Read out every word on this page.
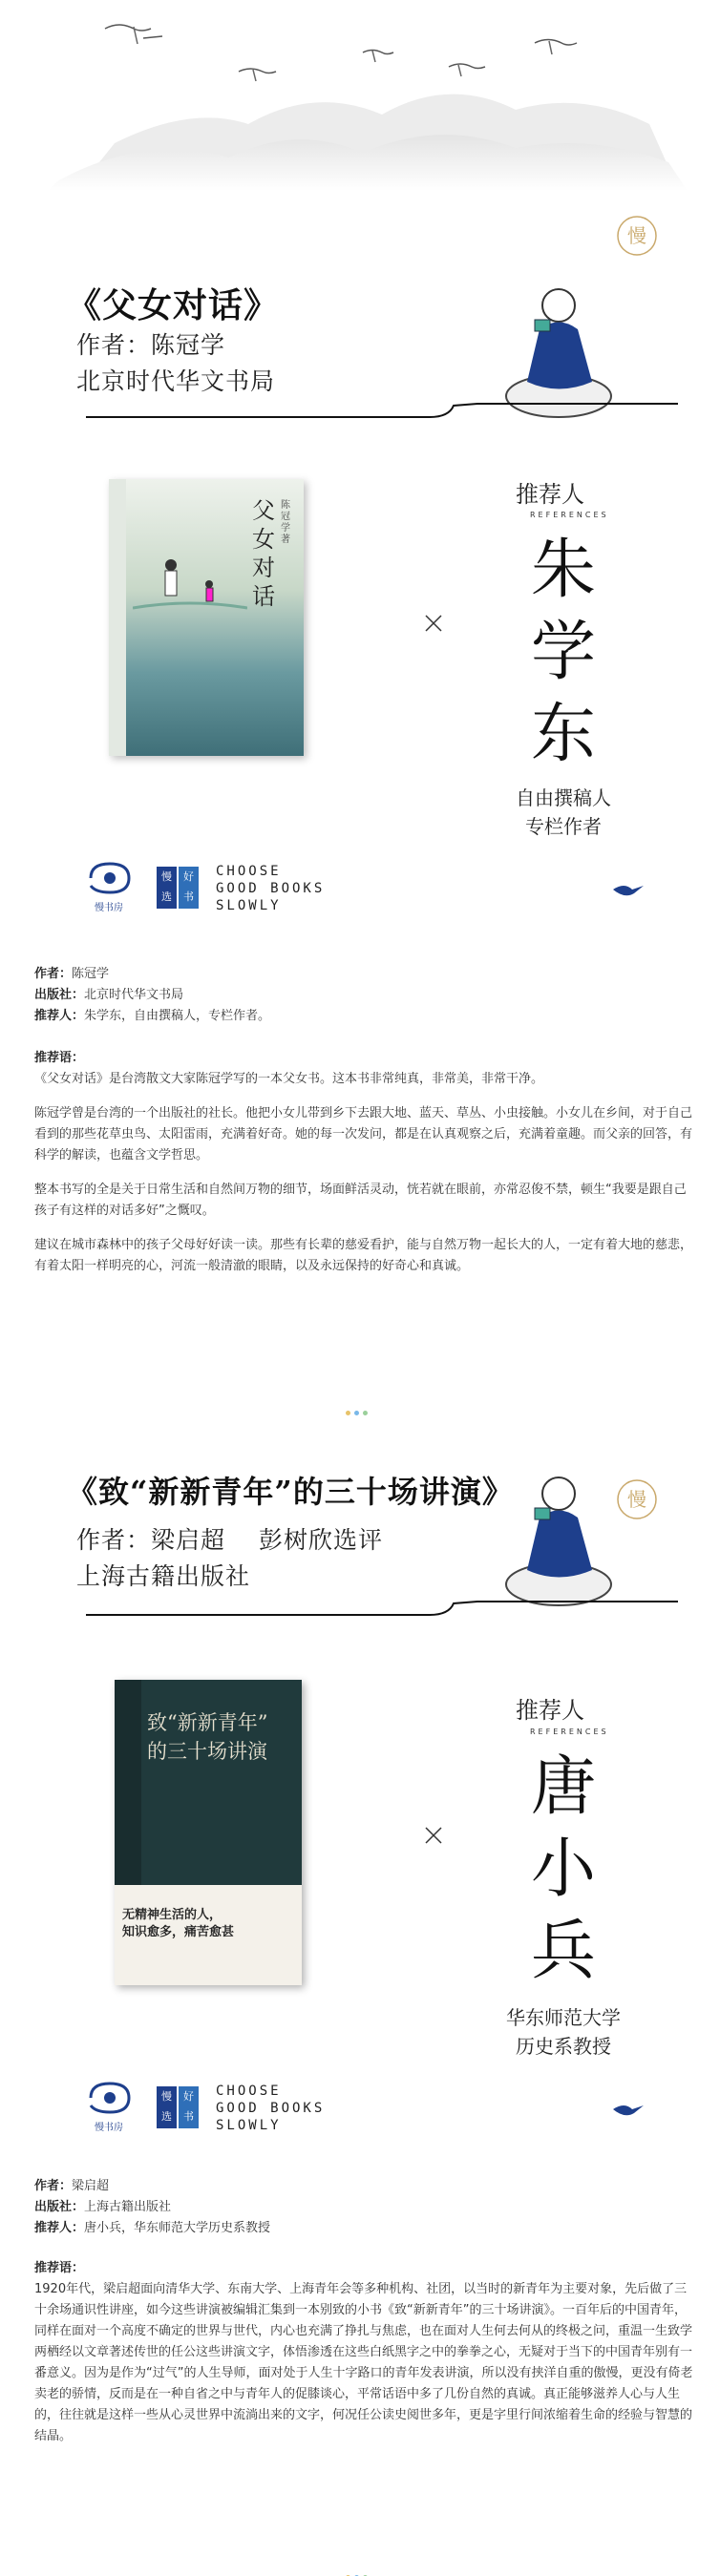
《父女对话》
作者：陈冠学
北京时代华文书局
慢
父女对话
陈冠学 著
推荐人
REFERENCES
朱
学
东
自由撰稿人
专栏作者
慢书房
慢选
好书
CHOOSE
GOOD BOOKS
SLOWLY

作者：陈冠学

出版社：北京时代华文书局

推荐人：朱学东，自由撰稿人，专栏作者。

推荐语：

《父女对话》是台湾散文大家陈冠学写的一本父女书。这本书非常纯真，非常美，非常干净。

陈冠学曾是台湾的一个出版社的社长。他把小女儿带到乡下去跟大地、蓝天、草丛、小虫接触。小女儿在乡间，对于自己看到的那些花草虫鸟、太阳雷雨，充满着好奇。她的每一次发问，都是在认真观察之后，充满着童趣。而父亲的回答，有科学的解读，也蕴含文学哲思。

整本书写的全是关于日常生活和自然间万物的细节，场面鲜活灵动，恍若就在眼前，亦常忍俊不禁，顿生“我要是跟自己孩子有这样的对话多好”之慨叹。

建议在城市森林中的孩子父母好好读一读。那些有长辈的慈爱看护，能与自然万物一起长大的人，一定有着大地的慈悲，有着太阳一样明亮的心，河流一般清澈的眼睛，以及永远保持的好奇心和真诚。

《致“新新青年”的三十场讲演》
作者：梁启超　 彭树欣选评
上海古籍出版社
慢
致“新新青年”
的三十场讲演
无精神生活的人，
知识愈多，痛苦愈甚
推荐人
REFERENCES
唐
小
兵
华东师范大学
历史系教授
慢书房
慢选
好书
CHOOSE
GOOD BOOKS
SLOWLY

作者：梁启超

出版社：上海古籍出版社

推荐人：唐小兵，华东师范大学历史系教授

推荐语：

1920年代，梁启超面向清华大学、东南大学、上海青年会等多种机构、社团，以当时的新青年为主要对象，先后做了三十余场通识性讲座，如今这些讲演被编辑汇集到一本别致的小书《致“新新青年”的三十场讲演》。一百年后的中国青年，同样在面对一个高度不确定的世界与世代，内心也充满了挣扎与焦虑，也在面对人生何去何从的终极之问，重温一生致学两栖经以文章著述传世的任公这些讲演文字，体悟渗透在这些白纸黑字之中的拳拳之心，无疑对于当下的中国青年别有一番意义。因为是作为“过气”的人生导师，面对处于人生十字路口的青年发表讲演，所以没有挟洋自重的傲慢，更没有倚老卖老的骄情，反而是在一种自省之中与青年人的促膝谈心，平常话语中多了几份自然的真诚。真正能够滋养人心与人生的，往往就是这样一些从心灵世界中流淌出来的文字，何况任公读史阅世多年，更是字里行间浓缩着生命的经验与智慧的结晶。
